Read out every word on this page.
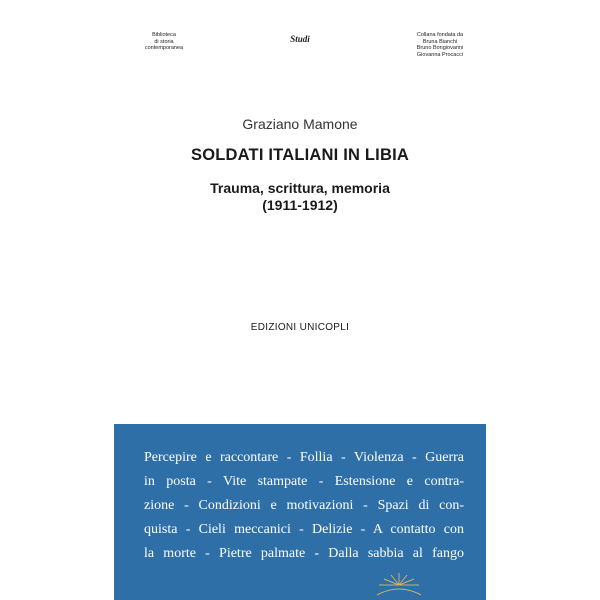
Biblioteca
di storia
contemporanea
Studi	Collana fondata da
Bruna Bianchi
Bruno Bongiovanni
Giovanna Procacci
Graziano Mamone
SOLDATI ITALIANI IN LIBIA
Trauma, scrittura, memoria
(1911-1912)
EDIZIONI UNICOPLI
Percepire e raccontare - Follia - Violenza - Guerra
in posta - Vite stampate - Estensione e contra-
zione - Condizioni e motivazioni - Spazi di con-
quista - Cieli meccanici - Delizie - A contatto con
la morte - Pietre palmate - Dalla sabbia al fango
